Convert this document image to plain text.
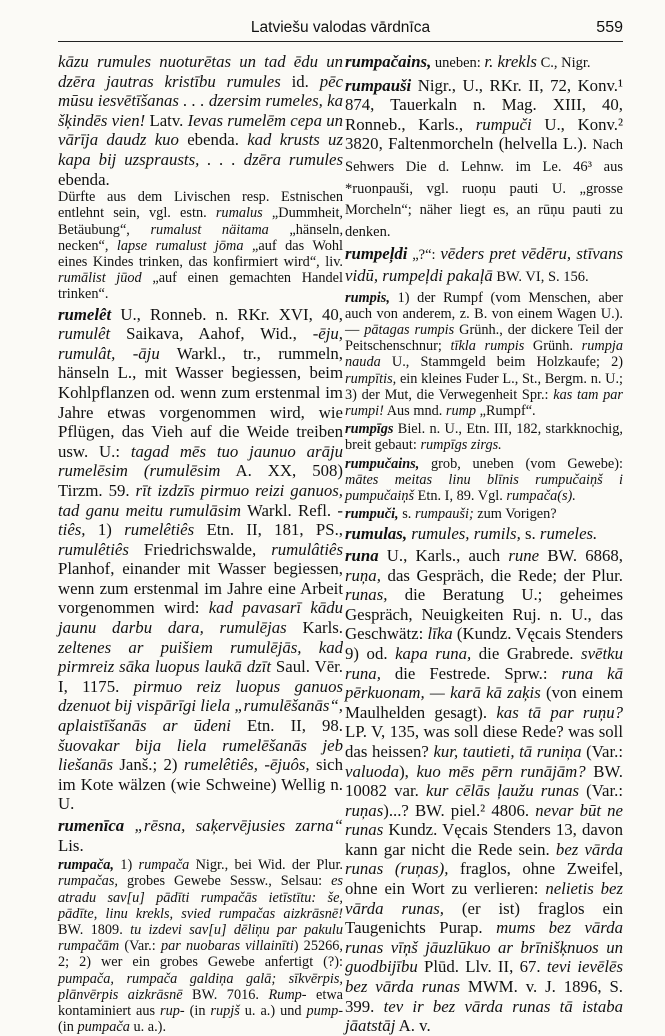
Latviešu valodas vārdnīca	559

kāzu rumules nuoturētas un tad ēdu un dzēra jautras kristību rumules id. pēc mūsu iesvētīšanas . . . dzersim rumeles, ka šķindēs vien! Latv. Ievas rumelēm cepa un vārīja daudz kuo ebenda. kad krusts uz kapa bij uzsprausts, . . . dzēra rumules ebenda.

Dürfte aus dem Livischen resp. Estnischen entlehnt sein, vgl. estn. rumalus „Dummheit, Betäubung“, rumalust näitama „hänseln, necken“, lapse rumalust jōma „auf das Wohl eines Kindes trinken, das konfirmiert wird“, liv. rumālist jūod „auf einen gemachten Handel trinken“.

rumelêt U., Ronneb. n. RKr. XVI, 40, rumulêt Saikava, Aahof, Wid., -ēju, rumulât, -āju Warkl., tr., rummeln, hänseln L., mit Wasser begiessen, beim Kohlpflanzen od. wenn zum erstenmal im Jahre etwas vorgenommen wird, wie Pflügen, das Vieh auf die Weide treiben usw. U.: tagad mēs tuo jaunuo arāju rumelēsim (rumulēsim A. XX, 508) Tirzm. 59. rīt izdzīs pirmuo reizi ganuos, tad ganu meitu rumulāsim Warkl. Refl. -tiês, 1) rumelêtiês Etn. II, 181, PS., rumulêtiês Friedrichswalde, rumulâtiês Planhof, einander mit Wasser begiessen, wenn zum erstenmal im Jahre eine Arbeit vorgenommen wird: kad pavasarī kādu jaunu darbu dara, rumulējas Karls. zeltenes ar puišiem rumulējās, kad pirmreiz sāka luopus laukā dzīt Saul. Vēr. I, 1175. pirmuo reiz luopus ganuos dzenuot bij vispārīgi liela „rumulēšanās“, aplaistīšanās ar ūdeni Etn. II, 98. šuovakar bija liela rumelēšanās jeb liešanās Janš.; 2) rumelêtiês, -ējuôs, sich im Kote wälzen (wie Schweine) Wellig n. U.

rumenīca „rēsna, saķervējusies zarna“ Lis.

rumpača, 1) rumpača Nigr., bei Wid. der Plur. rumpačas, grobes Gewebe Sessw., Selsau: es atradu sav[u] pādīti rumpačās ietīstītu: še, pādīte, linu krekls, svied rumpačas aizkrāsnē! BW. 1809. tu izdevi sav[u] dēliņu par pakulu rumpačām (Var.: par nuobaras villainīti) 25266, 2; 2) wer ein grobes Gewebe anfertigt (?): pumpača, rumpača galdiņa galā; sīkvērpis, plānvērpis aizkrāsnē BW. 7016. Rump- etwa kontaminiert aus rup- (in rupjš u. a.) und pump- (in pumpača u. a.).

rumpačains, uneben: r. krekls C., Nigr.

rumpauši Nigr., U., RKr. II, 72, Konv.¹ 874, Tauerkaln n. Mag. XIII, 40, Ronneb., Karls., rumpuči U., Konv.² 3820, Faltenmorcheln (helvella L.). Nach Sehwers Die d. Lehnw. im Le. 46³ aus *ruonpauši, vgl. ruoņu pauti U. „grosse Morcheln“; näher liegt es, an rūņu pauti zu denken.

rumpeļdi „?“: vēders pret vēdēru, stīvans vidū, rumpeļdi pakaļā BW. VI, S. 156.

rumpis, 1) der Rumpf (vom Menschen, aber auch von anderem, z. B. von einem Wagen U.). — pātagas rumpis Grünh., der dickere Teil der Peitschenschnur; tīkla rumpis Grünh. rumpja nauda U., Stammgeld beim Holzkaufe; 2) rumpītis, ein kleines Fuder L., St., Bergm. n. U.; 3) der Mut, die Verwegenheit Spr.: kas tam par rumpi! Aus mnd. rump „Rumpf“.

rumpīgs Biel. n. U., Etn. III, 182, starkknochig, breit gebaut: rumpīgs zirgs.

rumpučains, grob, uneben (vom Gewebe): mātes meitas linu blīnis rumpučaiņš i pumpučaiņš Etn. I, 89. Vgl. rumpača(s).

rumpuči, s. rumpauši; zum Vorigen?

rumulas, rumules, rumils, s. rumeles.

runa U., Karls., auch rune BW. 6868, ruņa, das Gespräch, die Rede; der Plur. runas, die Beratung U.; geheimes Gespräch, Neuigkeiten Ruj. n. U., das Geschwätz: līka (Kundz. Vęcais Stenders 9) od. kapa runa, die Grabrede. svētku runa, die Festrede. Sprw.: runa kā pērkuonam, — karā kā zaķis (von einem Maulhelden gesagt). kas tā par ruņu? LP. V, 135, was soll diese Rede? was soll das heissen? kur, tautieti, tā runiņa (Var.: valuoda), kuo mēs pērn runājām? BW. 10082 var. kur cēlās ļaužu runas (Var.: ruņas)...? BW. piel.² 4806. nevar būt ne runas Kundz. Vęcais Stenders 13, davon kann gar nicht die Rede sein. bez vārda runas (ruņas), fraglos, ohne Zweifel, ohne ein Wort zu verlieren: nelietis bez vārda runas, (er ist) fraglos ein Taugenichts Purap. mums bez vārda runas vīņš jāuzlūkuo ar brīnišķnuos un guodbijību Plūd. Llv. II, 67. tevi ievēlēs bez vārda runas MWM. v. J. 1896, S. 399. tev ir bez vārda runas tā istaba jāatstāj A. v.
